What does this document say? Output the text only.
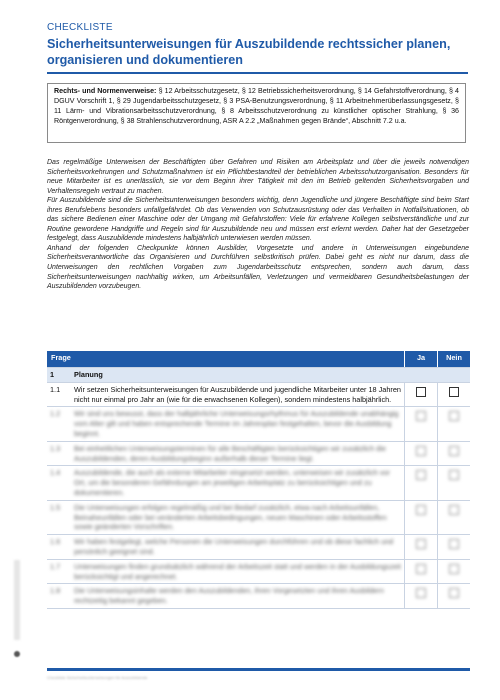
CHECKLISTE
Sicherheitsunterweisungen für Auszubildende rechtssicher planen, organisieren und dokumentieren
Rechts- und Normenverweise: § 12 Arbeitsschutzgesetz, § 12 Betriebssicherheitsverordnung, § 14 Gefahrstoffverordnung, § 4 DGUV Vorschrift 1, § 29 Jugendarbeitsschutzgesetz, § 3 PSA-Benutzungsverordnung, § 11 Arbeitnehmerüberlassungsgesetz, § 11 Lärm- und Vibrationsarbeitsschutzverordnung, § 8 Arbeitsschutzverordnung zu künstlicher optischer Strahlung, § 36 Röntgenverordnung, § 38 Strahlenschutzverordnung, ASR A 2.2 „Maßnahmen gegen Brände“, Abschnitt 7.2 u.a.

Das regelmäßige Unterweisen der Beschäftigten über Gefahren und Risiken am Arbeitsplatz und über die jeweils notwendigen Sicherheitsvorkehrungen und Schutzmaßnahmen ist ein Pflichtbestandteil der betrieblichen Arbeitsschutzorganisation. Besonders für neue Mitarbeiter ist es unerlässlich, sie vor dem Beginn ihrer Tätigkeit mit den im Betrieb geltenden Sicherheitsvorgaben und Verhaltensregeln vertraut zu machen.

Für Auszubildende sind die Sicherheitsunterweisungen besonders wichtig, denn Jugendliche und jüngere Beschäftigte sind beim Start ihres Berufslebens besonders unfallgefährdet. Ob das Verwenden von Schutzausrüstung oder das Verhalten in Notfallsituationen, ob das sichere Bedienen einer Maschine oder der Umgang mit Gefahrstoffen: Viele für erfahrene Kollegen selbstverständliche und zur Routine gewordene Handgriffe und Regeln sind für Auszubildende neu und müssen erst erlernt werden. Daher hat der Gesetzgeber festgelegt, dass Auszubildende mindestens halbjährlich unterwiesen werden müssen.

Anhand der folgenden Checkpunkte können Ausbilder, Vorgesetzte und andere in Unterweisungen eingebundene Sicherheitsverantwortliche das Organisieren und Durchführen selbstkritisch prüfen. Dabei geht es nicht nur darum, dass die Unterweisungen den rechtlichen Vorgaben zum Jugendarbeitsschutz entsprechen, sondern auch darum, dass Sicherheitsunterweisungen nachhaltig wirken, um Arbeitsunfällen, Verletzungen und vermeidbaren Gesundheitsbelastungen der Auszubildenden vorzubeugen.

Frage		Ja	Nein
1	Planung		
1.1	Wir setzen Sicherheitsunterweisungen für Auszubildende und jugendliche Mitarbeiter unter 18 Jahren nicht nur einmal pro Jahr an (wie für die erwachsenen Kollegen), sondern mindestens halbjährlich.		
1.2	Wir sind uns bewusst, dass der halbjährliche Unterweisungsrhythmus für Auszubildende unabhängig vom Alter gilt und haben entsprechende Termine im Jahresplan festgehalten, bevor die Ausbildung beginnt.		
1.3	Bei einheitlichen Unterweisungsterminen für alle Beschäftigten berücksichtigen wir zusätzlich die Auszubildenden, deren Ausbildungsbeginn außerhalb dieser Termine liegt.		
1.4	Auszubildende, die auch als externe Mitarbeiter eingesetzt werden, unterweisen wir zusätzlich vor Ort, um die besonderen Gefährdungen am jeweiligen Arbeitsplatz zu berücksichtigen und zu dokumentieren.		
1.5	Die Unterweisungen erfolgen regelmäßig und bei Bedarf zusätzlich, etwa nach Arbeitsunfällen, Beinaheunfällen oder bei veränderten Arbeitsbedingungen, neuen Maschinen oder Arbeitsstoffen sowie geänderten Vorschriften.		
1.6	Wir haben festgelegt, welche Personen die Unterweisungen durchführen und ob diese fachlich und persönlich geeignet sind.		
1.7	Unterweisungen finden grundsätzlich während der Arbeitszeit statt und werden in der Ausbildungszeit berücksichtigt und angerechnet.		
1.8	Die Unterweisungsinhalte werden den Auszubildenden, ihren Vorgesetzten und ihren Ausbildern rechtzeitig bekannt gegeben.		
Checkliste Sicherheitsunterweisungen für Auszubildende
